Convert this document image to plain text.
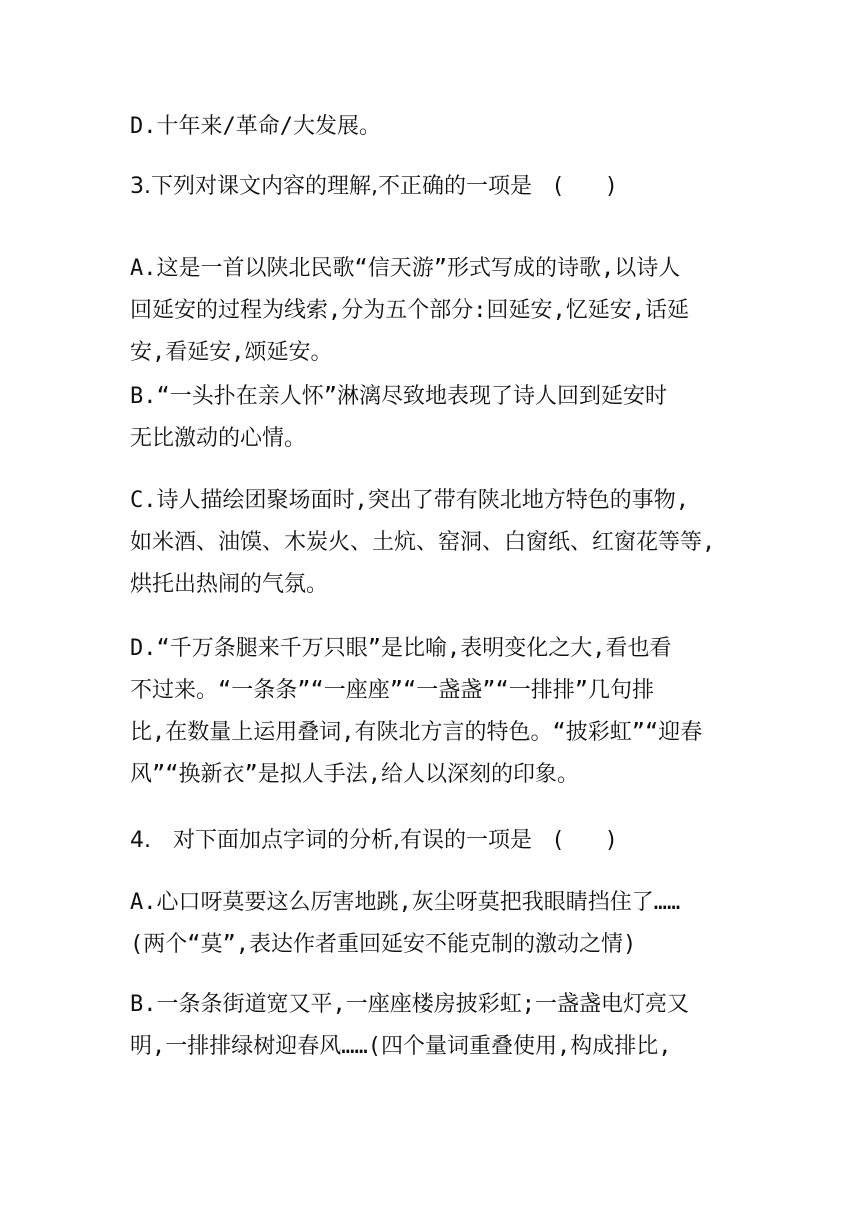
D.十年来/革命/大发展。

3.下列对课文内容的理解,不正确的一项是　(　　)

A.这是一首以陕北民歌“信天游”形式写成的诗歌,以诗人
回延安的过程为线索,分为五个部分:回延安,忆延安,话延
安,看延安,颂延安。

B.“一头扑在亲人怀”淋漓尽致地表现了诗人回到延安时
无比激动的心情。

C.诗人描绘团聚场面时,突出了带有陕北地方特色的事物,
如米酒、油馍、木炭火、土炕、窑洞、白窗纸、红窗花等等,
烘托出热闹的气氛。

D.“千万条腿来千万只眼”是比喻,表明变化之大,看也看
不过来。“一条条”“一座座”“一盏盏”“一排排”几句排
比,在数量上运用叠词,有陕北方言的特色。“披彩虹”“迎春
风”“换新衣”是拟人手法,给人以深刻的印象。

4.　对下面加点字词的分析,有误的一项是　(　　)

A.心口呀莫要这么厉害地跳,灰尘呀莫把我眼睛挡住了……
(两个“莫”,表达作者重回延安不能克制的激动之情)

B.一条条街道宽又平,一座座楼房披彩虹;一盏盏电灯亮又
明,一排排绿树迎春风……(四个量词重叠使用,构成排比,
